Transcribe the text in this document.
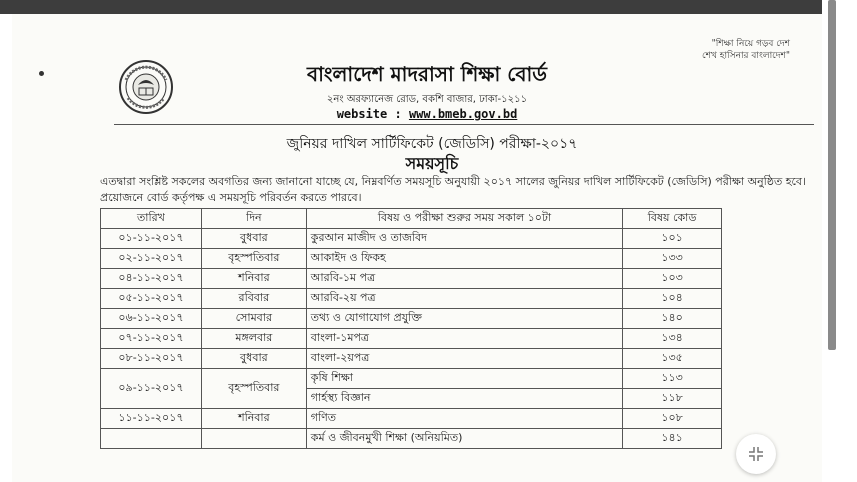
"শিক্ষা নিয়ে গড়ব দেশ
শেখ হাসিনার বাংলাদেশ"
বাংলাদেশ মাদরাসা শিক্ষা বোর্ড
২নং অরফ্যানেজ রোড, বকশি বাজার, ঢাকা-১২১১
website : www.bmeb.gov.bd
জুনিয়র দাখিল সার্টিফিকেট (জেডিসি) পরীক্ষা-২০১৭
সময়সূচি
এতদ্বারা সংশ্লিষ্ট সকলের অবগতির জন্য জানানো যাচ্ছে যে, নিম্নবর্ণিত সময়সূচি অনুযায়ী ২০১৭ সালের জুনিয়র দাখিল সার্টিফিকেট (জেডিসি) পরীক্ষা অনুষ্ঠিত হবে। প্রয়োজনে বোর্ড কর্তৃপক্ষ এ সময়সূচি পরিবর্তন করতে পারবে।
তারিখ	দিন	বিষয় ও পরীক্ষা শুরুর সময় সকাল ১০টা	বিষয় কোড
০১-১১-২০১৭	বুধবার	কুরআন মাজীদ ও তাজবিদ	১০১
০২-১১-২০১৭	বৃহস্পতিবার	আকাইদ ও ফিকহ	১৩৩
০৪-১১-২০১৭	শনিবার	আরবি-১ম পত্র	১০৩
০৫-১১-২০১৭	রবিবার	আরবি-২য় পত্র	১০৪
০৬-১১-২০১৭	সোমবার	তথ্য ও যোগাযোগ প্রযুক্তি	১৪০
০৭-১১-২০১৭	মঙ্গলবার	বাংলা-১মপত্র	১৩৪
০৮-১১-২০১৭	বুধবার	বাংলা-২য়পত্র	১৩৫
০৯-১১-২০১৭	বৃহস্পতিবার	কৃষি শিক্ষা	১১৩
		গার্হস্থ্য বিজ্ঞান	১১৮
১১-১১-২০১৭	শনিবার	গণিত	১০৮
		কর্ম ও জীবনমুখী শিক্ষা (অনিয়মিত)	১৪১
